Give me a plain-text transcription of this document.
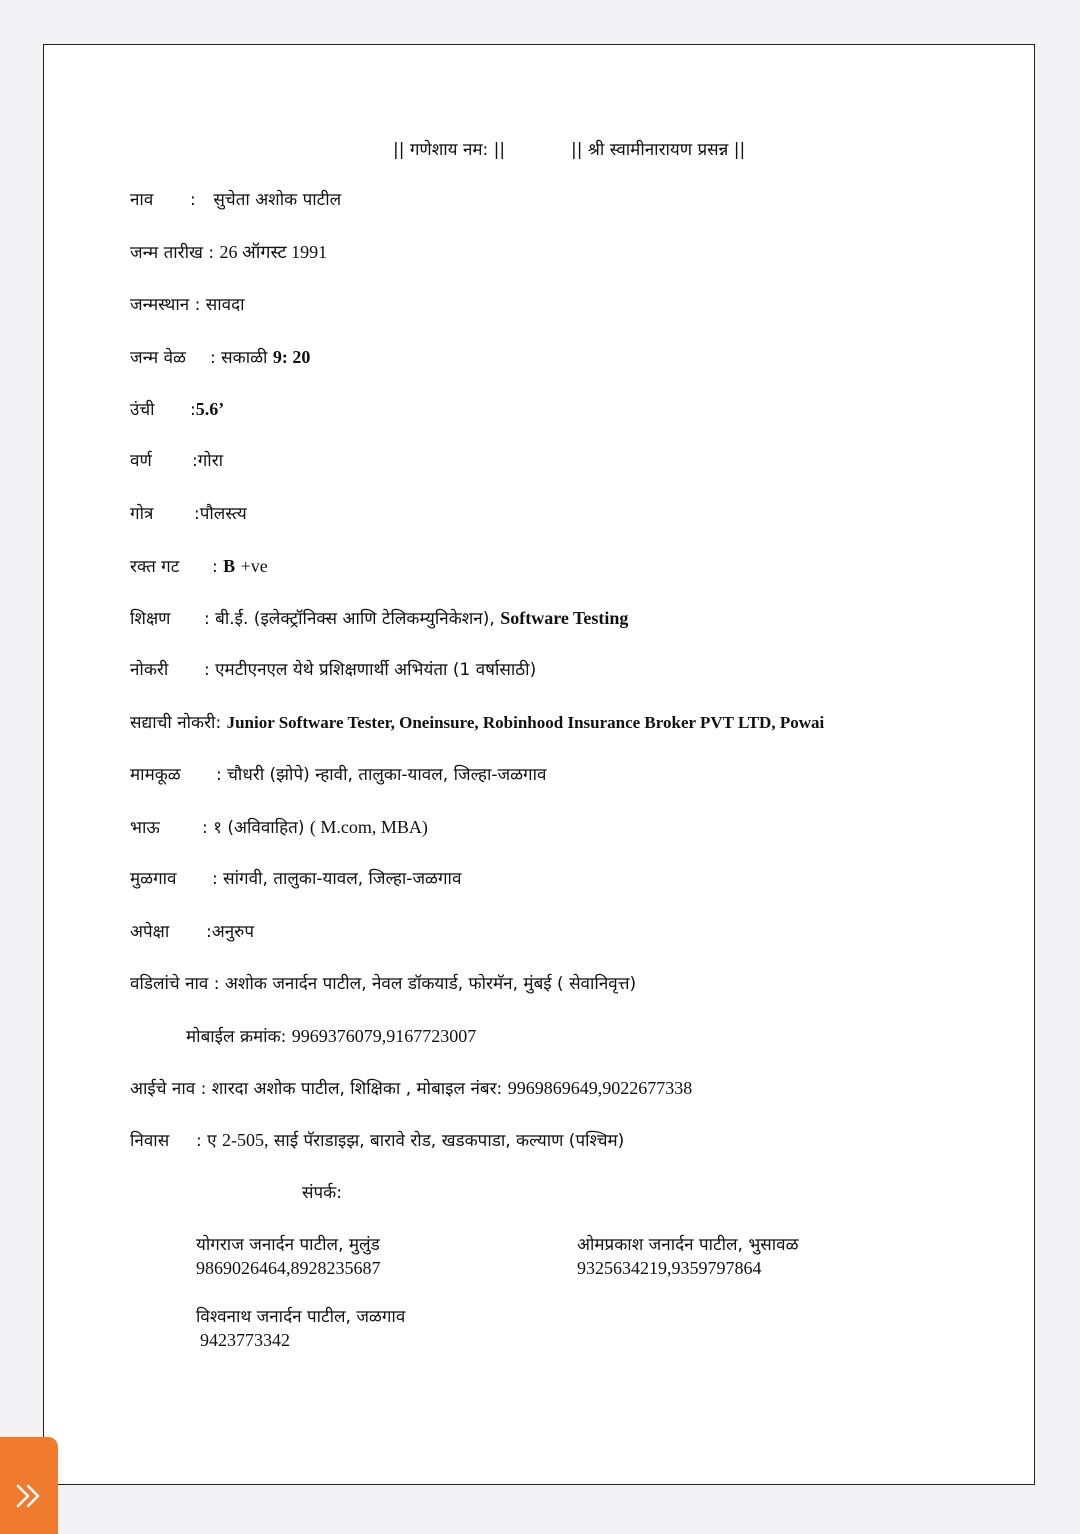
|| गणेशाय नम: ||	|| श्री स्वामीनारायण प्रसन्न ||
नाव : सुचेता अशोक पाटील
जन्म तारीख : 26 ऑगस्ट 1991
जन्मस्थान : सावदा
जन्म वेळ : सकाळी 9: 20
उंची :5.6’
वर्ण :गोरा
गोत्र :पौलस्त्य
रक्त गट : B +ve
शिक्षण : बी.ई. (इलेक्ट्रॉनिक्स आणि टेलिकम्युनिकेशन), Software Testing
नोकरी : एमटीएनएल येथे प्रशिक्षणार्थी अभियंता (1 वर्षासाठी)
सद्याची नोकरी: Junior Software Tester, Oneinsure, Robinhood Insurance Broker PVT LTD, Powai
मामकूळ : चौधरी (झोपे) न्हावी, तालुका-यावल, जिल्हा-जळगाव
भाऊ : १ (अविवाहित) ( M.com, MBA)
मुळगाव : सांगवी, तालुका-यावल, जिल्हा-जळगाव
अपेक्षा :अनुरुप
वडिलांचे नाव : अशोक जनार्दन पाटील, नेवल डॉकयार्ड, फोरमॅन, मुंबई ( सेवानिवृत्त)
मोबाईल क्रमांक: 9969376079,9167723007
आईचे नाव : शारदा अशोक पाटील, शिक्षिका , मोबाइल नंबर: 9969869649,9022677338
निवास : ए 2-505, साई पॅराडाइझ, बारावे रोड, खडकपाडा, कल्याण (पश्चिम)
संपर्क:
योगराज जनार्दन पाटील, मुलुंड
9869026464,8928235687
ओमप्रकाश जनार्दन पाटील, भुसावळ
9325634219,9359797864
विश्वनाथ जनार्दन पाटील, जळगाव
9423773342
